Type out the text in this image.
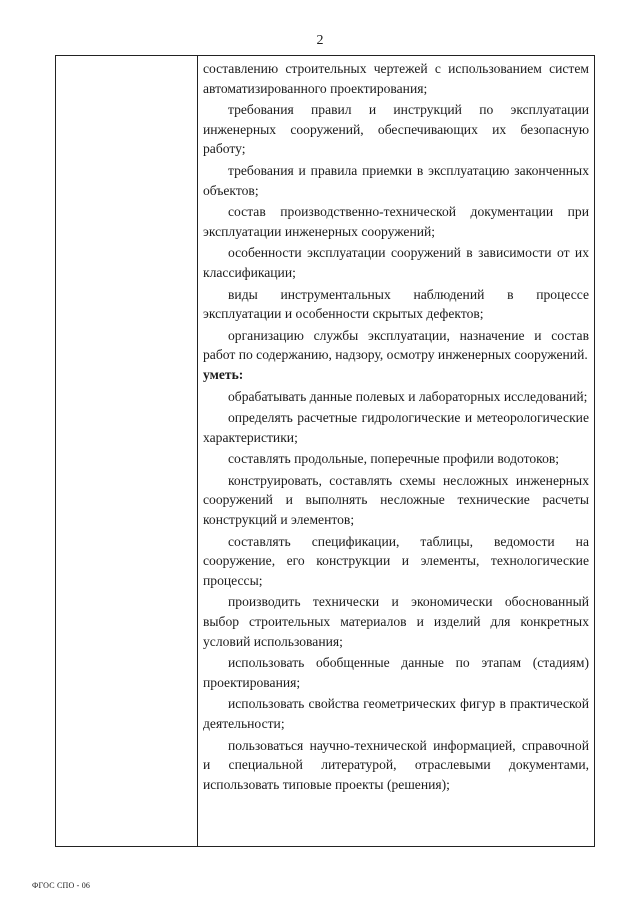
2

составлению строительных чертежей с использованием систем автоматизированного проектирования;

требования правил и инструкций по эксплуатации инженерных сооружений, обеспечивающих их безопасную работу;

требования и правила приемки в эксплуатацию законченных объектов;

состав производственно-технической документации при эксплуатации инженерных сооружений;

особенности эксплуатации сооружений в зависимости от их классификации;

виды инструментальных наблюдений в процессе эксплуатации и особенности скрытых дефектов;

организацию службы эксплуатации, назначение и состав работ по содержанию, надзору, осмотру инженерных сооружений.

уметь:

обрабатывать данные полевых и лабораторных исследований;

определять расчетные гидрологические и метеорологические характеристики;

составлять продольные, поперечные профили водотоков;

конструировать, составлять схемы несложных инженерных сооружений и выполнять несложные технические расчеты конструкций и элементов;

составлять спецификации, таблицы, ведомости на сооружение, его конструкции и элементы, технологические процессы;

производить технически и экономически обоснованный выбор строительных материалов и изделий для конкретных условий использования;

использовать обобщенные данные по этапам (стадиям) проектирования;

использовать свойства геометрических фигур в практической деятельности;

пользоваться научно-технической информацией, справочной и специальной литературой, отраслевыми документами, использовать типовые проекты (решения);

ФГОС СПО - 06
